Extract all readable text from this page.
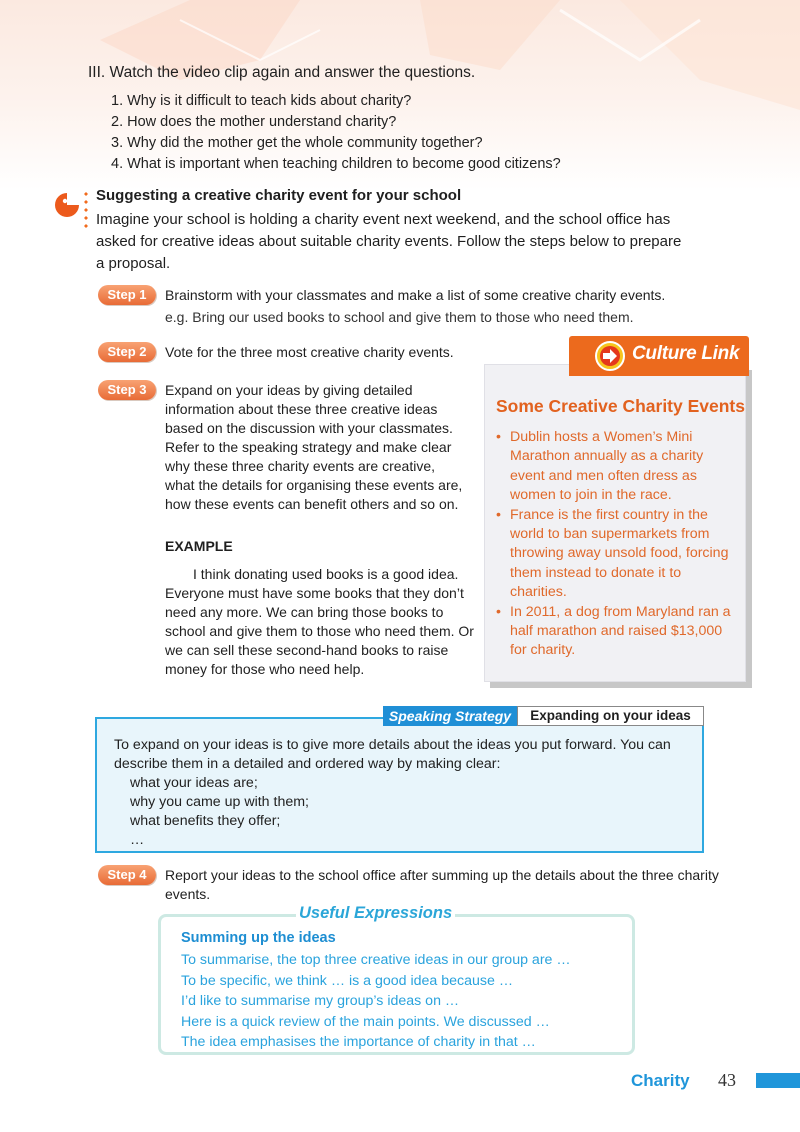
III. Watch the video clip again and answer the questions.
1. Why is it difficult to teach kids about charity?
2. How does the mother understand charity?
3. Why did the mother get the whole community together?
4. What is important when teaching children to become good citizens?
Suggesting a creative charity event for your school
Imagine your school is holding a charity event next weekend, and the school office has asked for creative ideas about suitable charity events. Follow the steps below to prepare a proposal.
Step 1	Brainstorm with your classmates and make a list of some creative charity events.
e.g. Bring our used books to school and give them to those who need them.
Step 2	Vote for the three most creative charity events.
Step 3	Expand on your ideas by giving detailed information about these three creative ideas based on the discussion with your classmates. Refer to the speaking strategy and make clear why these three charity events are creative, what the details for organising these events are, how these events can benefit others and so on.
EXAMPLE
I think donating used books is a good idea. Everyone must have some books that they don’t need any more. We can bring those books to school and give them to those who need them. Or we can sell these second-hand books to raise money for those who need help.
Culture Link
Some Creative Charity Events
• Dublin hosts a Women’s Mini Marathon annually as a charity event and men often dress as women to join in the race.
• France is the first country in the world to ban supermarkets from throwing away unsold food, forcing them instead to donate it to charities.
• In 2011, a dog from Maryland ran a half marathon and raised $13,000 for charity.
Speaking Strategy	Expanding on your ideas
To expand on your ideas is to give more details about the ideas you put forward. You can describe them in a detailed and ordered way by making clear:
what your ideas are;
why you came up with them;
what benefits they offer;
…
Step 4	Report your ideas to the school office after summing up the details about the three charity events.
Useful Expressions
Summing up the ideas
To summarise, the top three creative ideas in our group are …
To be specific, we think … is a good idea because …
I’d like to summarise my group’s ideas on …
Here is a quick review of the main points. We discussed …
The idea emphasises the importance of charity in that …
Charity 43
